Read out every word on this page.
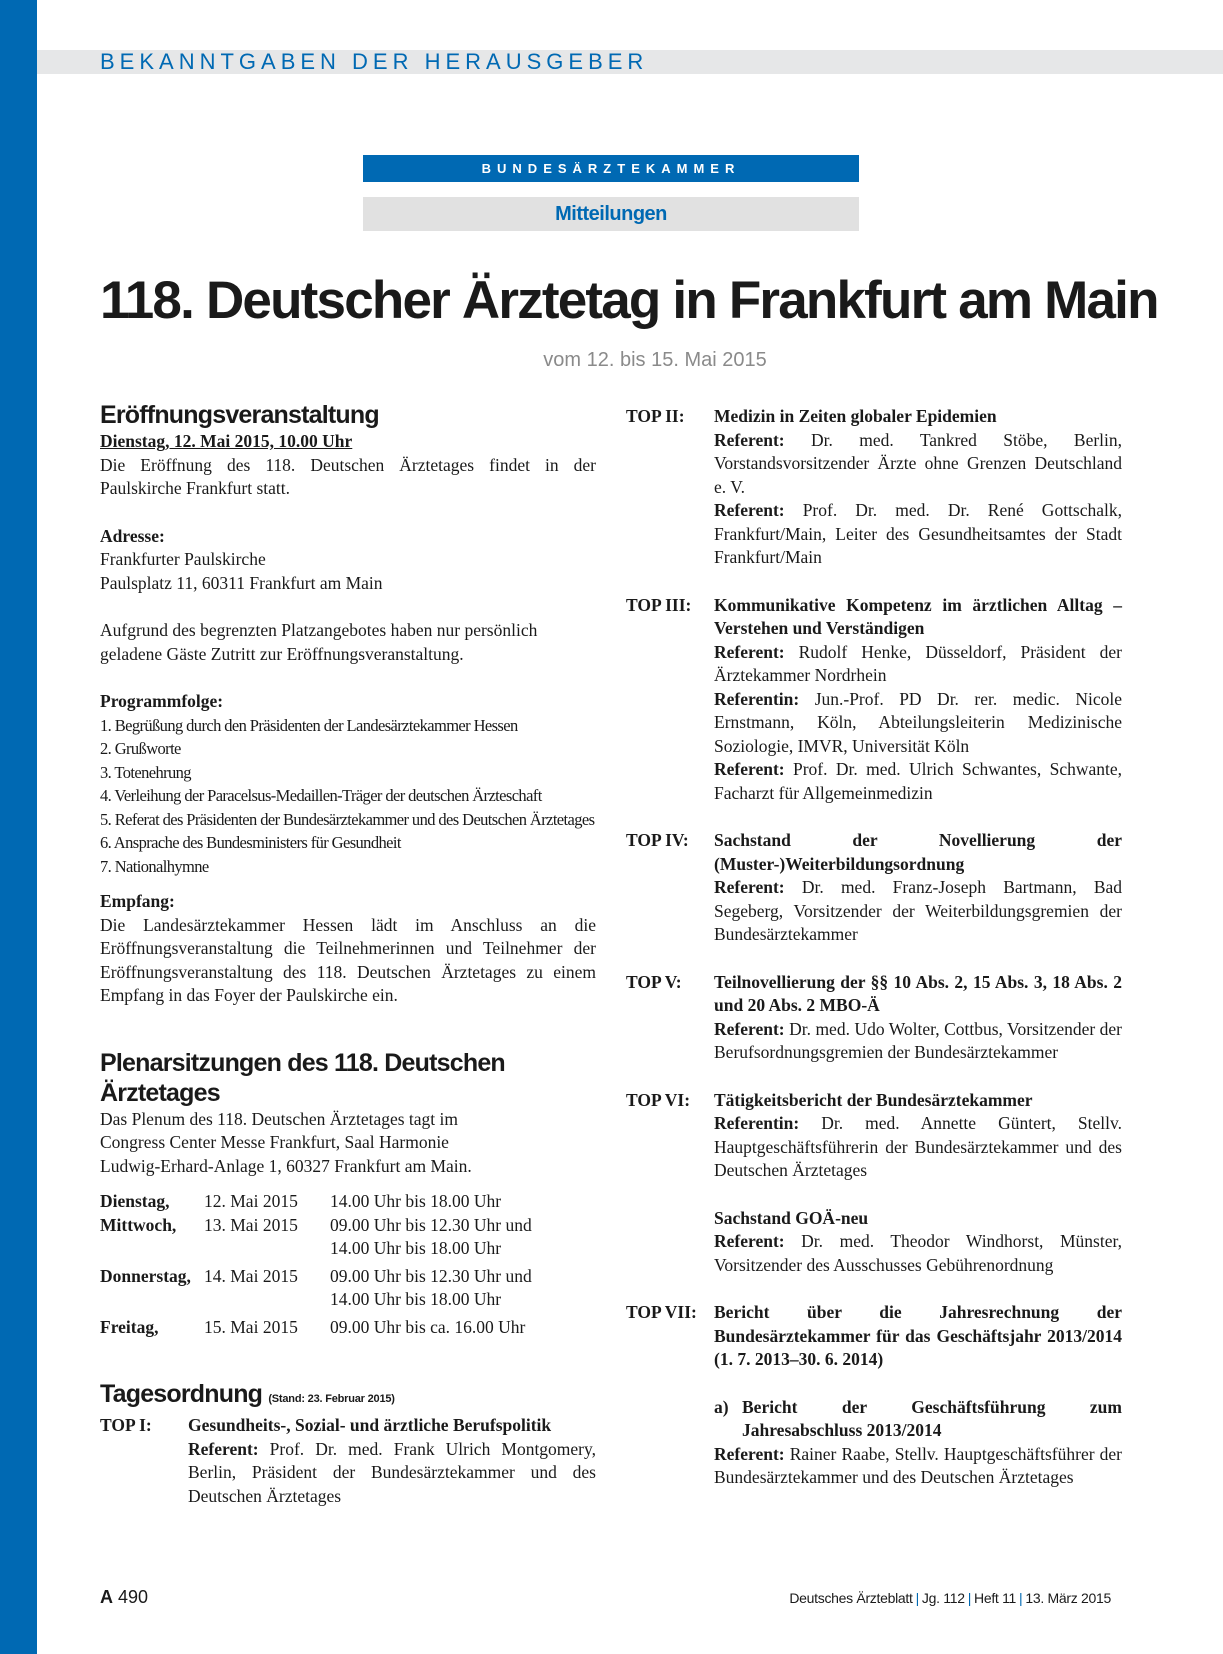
BEKANNTGABEN DER HERAUSGEBER
BUNDESÄRZTEKAMMER
Mitteilungen
118. Deutscher Ärztetag in Frankfurt am Main
vom 12. bis 15. Mai 2015
Eröffnungsveranstaltung

Dienstag, 12. Mai 2015, 10.00 Uhr

Die Eröffnung des 118. Deutschen Ärztetages findet in der Paulskirche Frankfurt statt.

Adresse:

Frankfurter Paulskirche

Paulsplatz 11, 60311 Frankfurt am Main

Aufgrund des begrenzten Platzangebotes haben nur persönlich geladene Gäste Zutritt zur Eröffnungsveranstaltung.

Programmfolge:

1. Begrüßung durch den Präsidenten der Landesärztekammer Hessen
2. Grußworte
3. Totenehrung
4. Verleihung der Paracelsus-Medaillen-Träger der deutschen Ärzteschaft
5. Referat des Präsidenten der Bundesärztekammer und des Deutschen Ärztetages
6. Ansprache des Bundesministers für Gesundheit
7. Nationalhymne

Empfang:

Die Landesärztekammer Hessen lädt im Anschluss an die Eröffnungsveranstaltung die Teilnehmerinnen und Teilnehmer der Eröffnungsveranstaltung des 118. Deutschen Ärztetages zu einem Empfang in das Foyer der Paulskirche ein.

Plenarsitzungen des 118. Deutschen Ärztetages

Das Plenum des 118. Deutschen Ärztetages tagt im

Congress Center Messe Frankfurt, Saal Harmonie

Ludwig-Erhard-Anlage 1, 60327 Frankfurt am Main.

Dienstag,	12. Mai 2015	14.00 Uhr bis 18.00 Uhr
Mittwoch,	13. Mai 2015	09.00 Uhr bis 12.30 Uhr und
14.00 Uhr bis 18.00 Uhr

Donnerstag,	14. Mai 2015	09.00 Uhr bis 12.30 Uhr und
14.00 Uhr bis 18.00 Uhr

Freitag,	15. Mai 2015	09.00 Uhr bis ca. 16.00 Uhr
Tagesordnung (Stand: 23. Februar 2015)
TOP I:	Gesundheits-, Sozial- und ärztliche Berufspolitik

Referent: Prof. Dr. med. Frank Ulrich Montgomery, Berlin, Präsident der Bundesärztekammer und des Deutschen Ärztetages

TOP II:	Medizin in Zeiten globaler Epidemien

Referent: Dr. med. Tankred Stöbe, Berlin, Vorstandsvorsitzender Ärzte ohne Grenzen Deutschland e. V.

Referent: Prof. Dr. med. Dr. René Gottschalk, Frankfurt/Main, Leiter des Gesundheitsamtes der Stadt Frankfurt/Main

TOP III:	Kommunikative Kompetenz im ärztlichen Alltag – Verstehen und Verständigen

Referent: Rudolf Henke, Düsseldorf, Präsident der Ärztekammer Nordrhein

Referentin: Jun.-Prof. PD Dr. rer. medic. Nicole Ernstmann, Köln, Abteilungsleiterin Medizinische Soziologie, IMVR, Universität Köln

Referent: Prof. Dr. med. Ulrich Schwantes, Schwante, Facharzt für Allgemeinmedizin

TOP IV:	Sachstand der Novellierung der (Muster-)Weiterbildungsordnung

Referent: Dr. med. Franz-Joseph Bartmann, Bad Segeberg, Vorsitzender der Weiterbildungsgremien der Bundesärztekammer

TOP V:	Teilnovellierung der §§ 10 Abs. 2, 15 Abs. 3, 18 Abs. 2 und 20 Abs. 2 MBO-Ä

Referent: Dr. med. Udo Wolter, Cottbus, Vorsitzender der Berufsordnungsgremien der Bundesärztekammer

TOP VI:	Tätigkeitsbericht der Bundesärztekammer

Referentin: Dr. med. Annette Güntert, Stellv. Hauptgeschäftsführerin der Bundesärztekammer und des Deutschen Ärztetages

Sachstand GOÄ-neu

Referent: Dr. med. Theodor Windhorst, Münster, Vorsitzender des Ausschusses Gebührenordnung

TOP VII: Bericht über die Jahresrechnung der Bundesärztekammer für das Geschäftsjahr 2013/2014 (1. 7. 2013–30. 6. 2014)

a) Bericht der Geschäftsführung zum Jahresabschluss 2013/2014

Referent: Rainer Raabe, Stellv. Hauptgeschäftsführer der Bundesärztekammer und des Deutschen Ärztetages

A 490	Deutsches Ärzteblatt | Jg. 112 | Heft 11 | 13. März 2015
